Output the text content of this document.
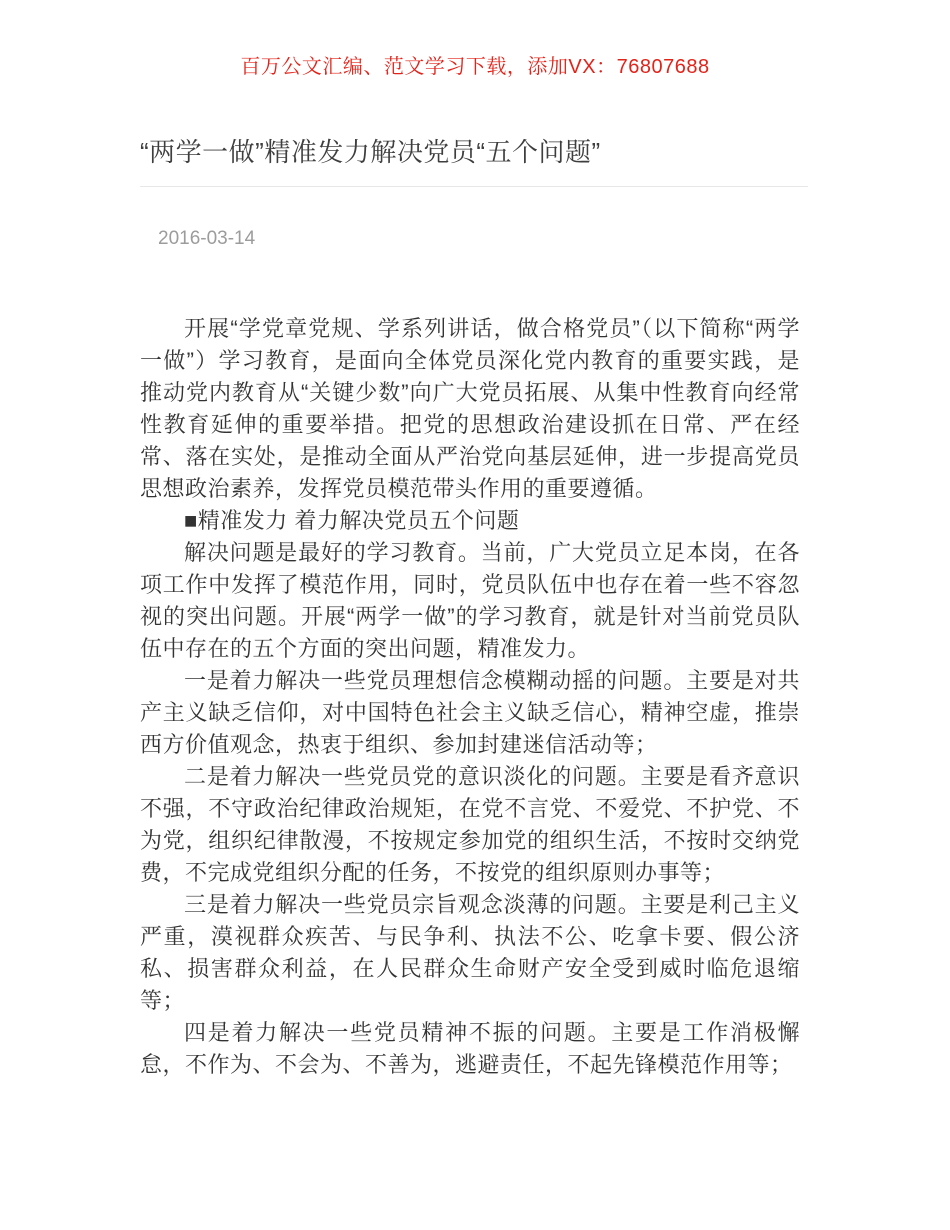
百万公文汇编、范文学习下载，添加VX：76807688
“两学一做”精准发力解决党员“五个问题”
2016-03-14

开展“学党章党规、学系列讲话，做合格党员”（以下简称“两学一做”）学习教育，是面向全体党员深化党内教育的重要实践，是推动党内教育从“关键少数”向广大党员拓展、从集中性教育向经常性教育延伸的重要举措。把党的思想政治建设抓在日常、严在经常、落在实处，是推动全面从严治党向基层延伸，进一步提高党员思想政治素养，发挥党员模范带头作用的重要遵循。

■精准发力 着力解决党员五个问题

解决问题是最好的学习教育。当前，广大党员立足本岗，在各项工作中发挥了模范作用，同时，党员队伍中也存在着一些不容忽视的突出问题。开展“两学一做”的学习教育，就是针对当前党员队伍中存在的五个方面的突出问题，精准发力。

一是着力解决一些党员理想信念模糊动摇的问题。主要是对共产主义缺乏信仰，对中国特色社会主义缺乏信心，精神空虚，推崇西方价值观念，热衷于组织、参加封建迷信活动等；

二是着力解决一些党员党的意识淡化的问题。主要是看齐意识不强，不守政治纪律政治规矩，在党不言党、不爱党、不护党、不为党，组织纪律散漫，不按规定参加党的组织生活，不按时交纳党费，不完成党组织分配的任务，不按党的组织原则办事等；

三是着力解决一些党员宗旨观念淡薄的问题。主要是利己主义严重，漠视群众疾苦、与民争利、执法不公、吃拿卡要、假公济私、损害群众利益，在人民群众生命财产安全受到威时临危退缩等；

四是着力解决一些党员精神不振的问题。主要是工作消极懈怠，不作为、不会为、不善为，逃避责任，不起先锋模范作用等；
